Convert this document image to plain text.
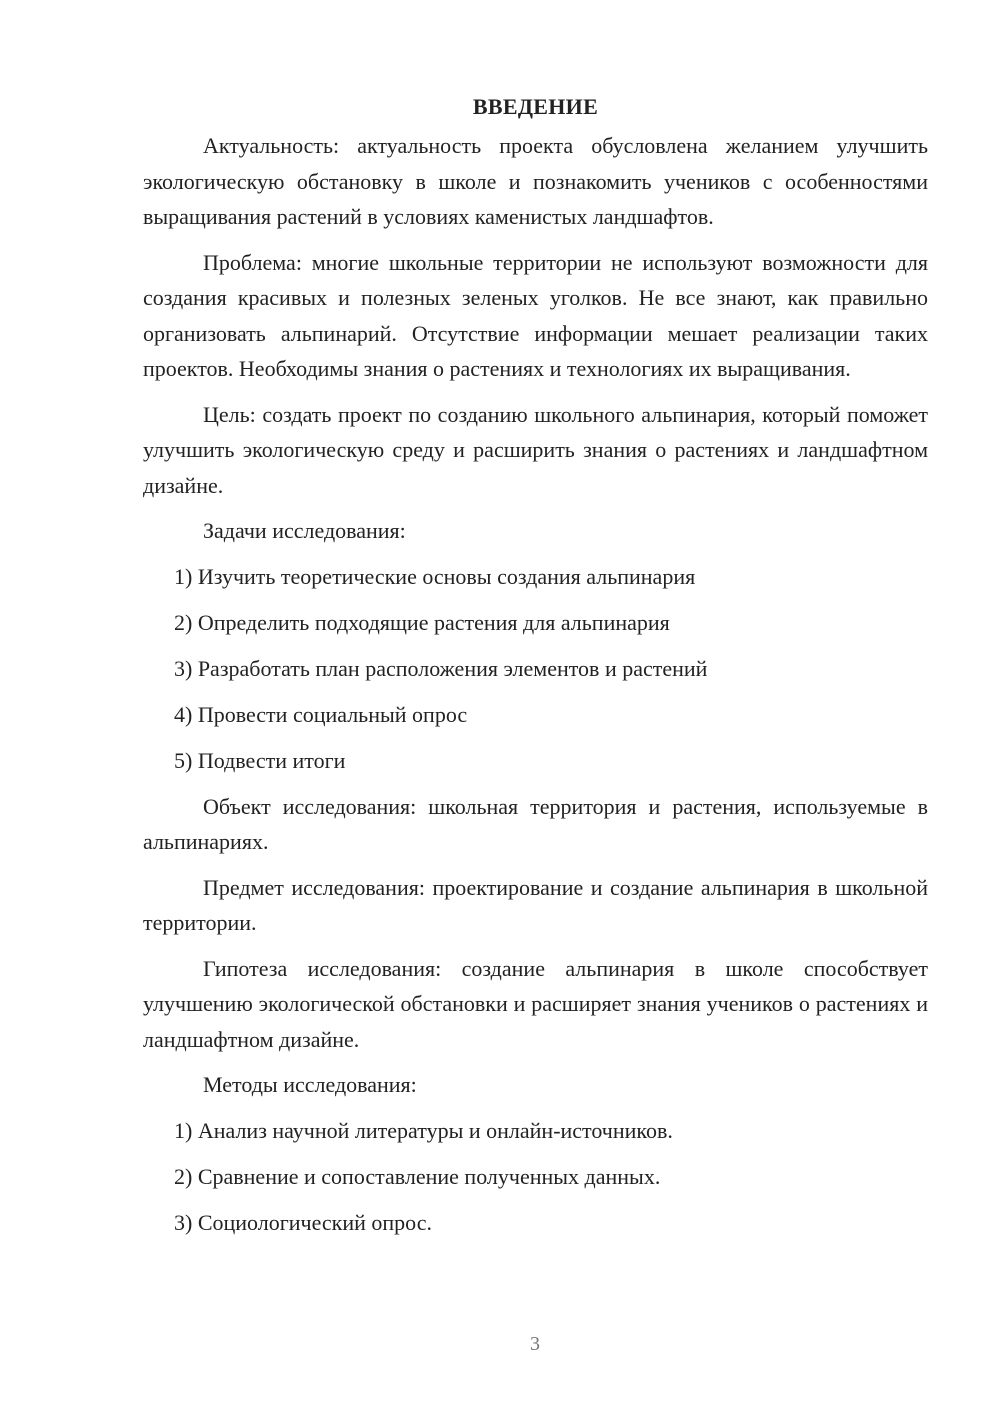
ВВЕДЕНИЕ

Актуальность: актуальность проекта обусловлена желанием улучшить экологическую обстановку в школе и познакомить учеников с особенностями выращивания растений в условиях каменистых ландшафтов.

Проблема: многие школьные территории не используют возможности для создания красивых и полезных зеленых уголков. Не все знают, как правильно организовать альпинарий. Отсутствие информации мешает реализации таких проектов. Необходимы знания о растениях и технологиях их выращивания.

Цель: создать проект по созданию школьного альпинария, который поможет улучшить экологическую среду и расширить знания о растениях и ландшафтном дизайне.

Задачи исследования:

1) Изучить теоретические основы создания альпинария
2) Определить подходящие растения для альпинария
3) Разработать план расположения элементов и растений
4) Провести социальный опрос
5) Подвести итоги

Объект исследования: школьная территория и растения, используемые в альпинариях.

Предмет исследования: проектирование и создание альпинария в школьной территории.

Гипотеза исследования: создание альпинария в школе способствует улучшению экологической обстановки и расширяет знания учеников о растениях и ландшафтном дизайне.

Методы исследования:

1) Анализ научной литературы и онлайн-источников.
2) Сравнение и сопоставление полученных данных.
3) Социологический опрос.
3
